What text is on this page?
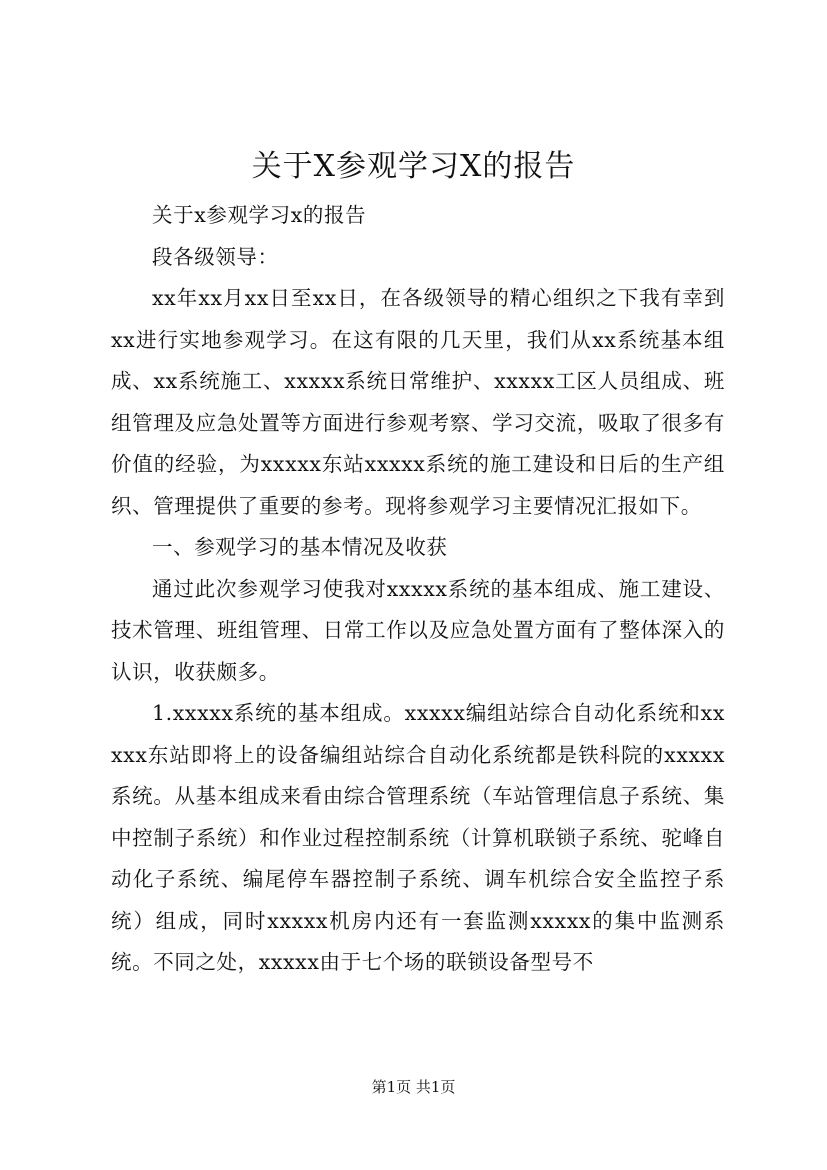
关于X参观学习X的报告

关于x参观学习x的报告

段各级领导：

xx年xx月xx日至xx日，在各级领导的精心组织之下我有幸到xx进行实地参观学习。在这有限的几天里，我们从xx系统基本组成、xx系统施工、xxxxx系统日常维护、xxxxx工区人员组成、班组管理及应急处置等方面进行参观考察、学习交流，吸取了很多有价值的经验，为xxxxx东站xxxxx系统的施工建设和日后的生产组织、管理提供了重要的参考。现将参观学习主要情况汇报如下。

一、参观学习的基本情况及收获

通过此次参观学习使我对xxxxx系统的基本组成、施工建设、技术管理、班组管理、日常工作以及应急处置方面有了整体深入的认识，收获颇多。

1.xxxxx系统的基本组成。xxxxx编组站综合自动化系统和xxxxx东站即将上的设备编组站综合自动化系统都是铁科院的xxxxx系统。从基本组成来看由综合管理系统（车站管理信息子系统、集中控制子系统）和作业过程控制系统（计算机联锁子系统、驼峰自动化子系统、编尾停车器控制子系统、调车机综合安全监控子系统）组成，同时xxxxx机房内还有一套监测xxxxx的集中监测系统。不同之处，xxxxx由于七个场的联锁设备型号不

第1页 共1页
